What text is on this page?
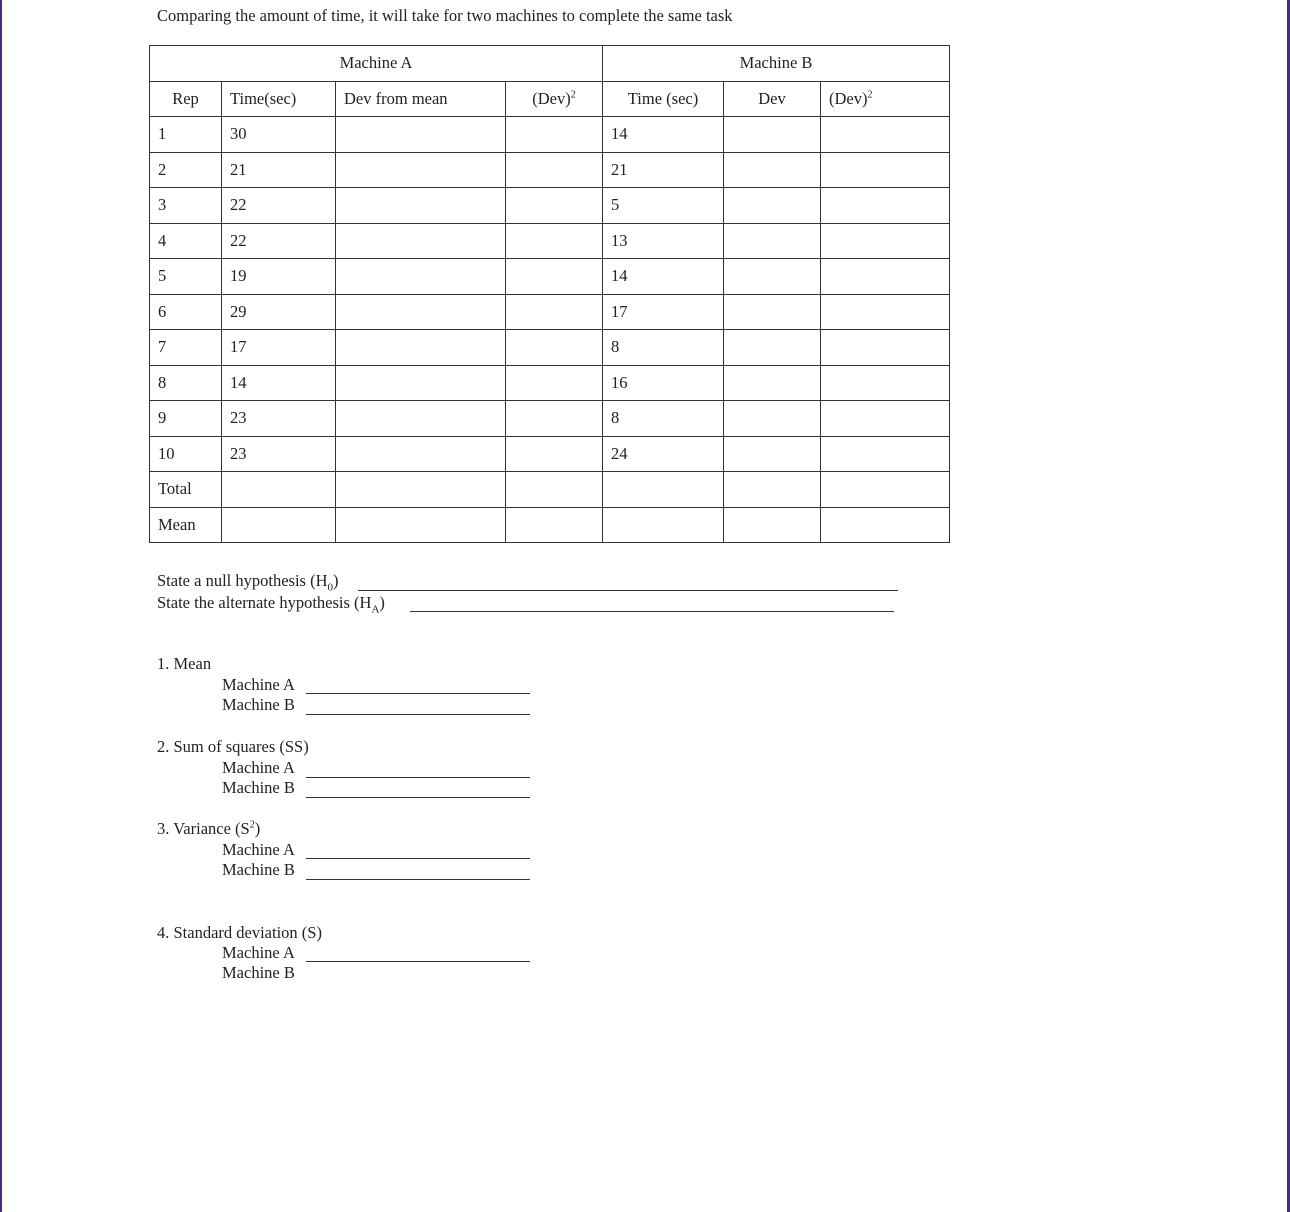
Comparing the amount of time, it will take for two machines to complete the same task
Machine A				Machine B		
Rep	Time(sec)	Dev from mean	(Dev)$^2$	Time (sec)	Dev	(Dev)$^2$
1	30			14		
2	21			21		
3	22			5		
4	22			13		
5	19			14		
6	29			17		
7	17			8		
8	14			16		
9	23			8		
10	23			24		
Total						
Mean						
State a null hypothesis $(H_0)$
State the alternate hypothesis $(H_A)$
1. Mean
Machine A
Machine B
2. Sum of squares (SS)
Machine A
Machine B
3. Variance $(S^2)$
Machine A
Machine B
4. Standard deviation (S)
Machine A
Machine B
